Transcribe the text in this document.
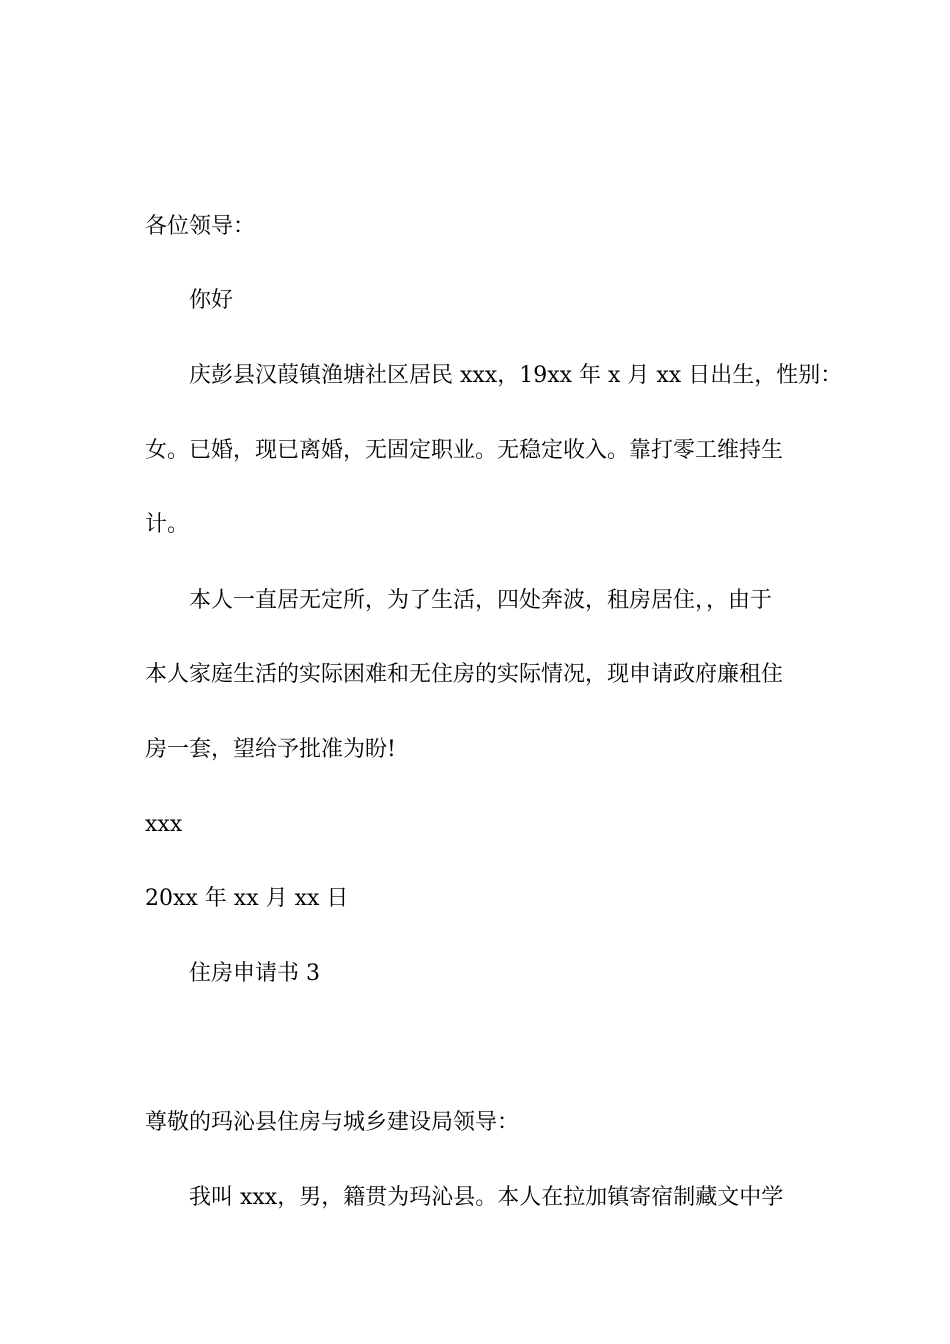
各位领导：
你好
庆彭县汉葭镇渔塘社区居民 xxx，19xx 年 x 月 xx 日出生，性别：
女。已婚，现已离婚，无固定职业。无稳定收入。靠打零工维持生
计。
本人一直居无定所，为了生活，四处奔波，租房居住，，由于
本人家庭生活的实际困难和无住房的实际情况，现申请政府廉租住
房一套，望给予批准为盼!
xxx
20xx 年 xx 月 xx 日
住房申请书 3
尊敬的玛沁县住房与城乡建设局领导：
我叫 xxx，男，籍贯为玛沁县。本人在拉加镇寄宿制藏文中学
